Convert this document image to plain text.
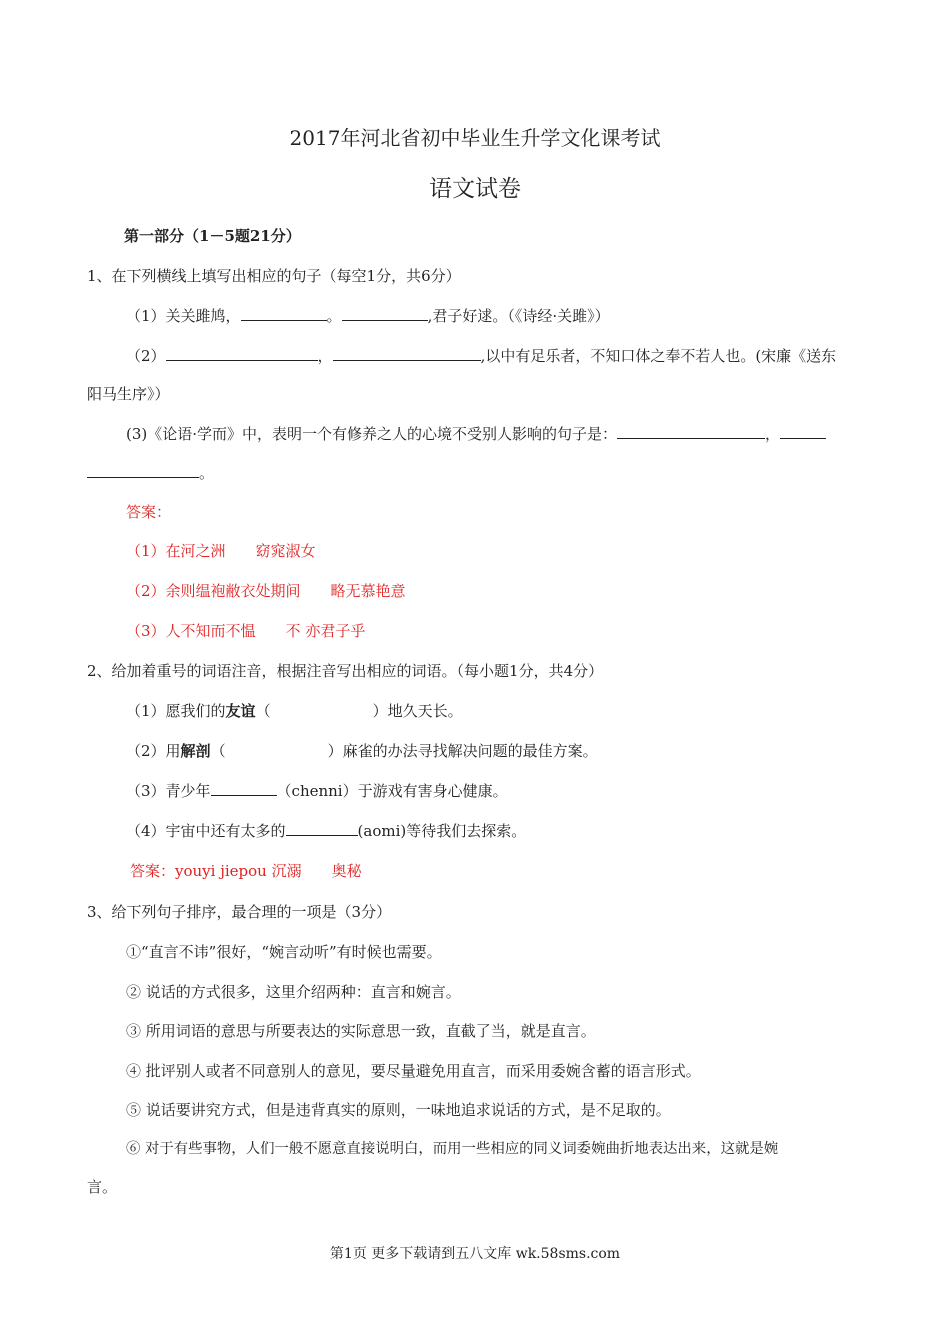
2017年河北省初中毕业生升学文化课考试
语文试卷
第一部分（1－5题21分）
1、在下列横线上填写出相应的句子（每空1分，共6分）
（1）关关雎鸠，	。	,君子好逑。（《诗经·关雎》）
（2）	，	,以中有足乐者，不知口体之奉不若人也。(宋廉《送东
阳马生序》）
(3)《论语·学而》中，表明一个有修养之人的心境不受别人影响的句子是：	，
。
答案：
（1）在河之洲　　窈窕淑女
（2）余则缊袍敝衣处期间　　略无慕艳意
（3）人不知而不愠　　不 亦君子乎
2、给加着重号的词语注音，根据注音写出相应的词语。（每小题1分，共4分）
（1）愿我们的友谊（	）地久天长。
（2）用解剖（	）麻雀的办法寻找解决问题的最佳方案。
（3）青少年	（chenni）于游戏有害身心健康。
（4）宇宙中还有太多的	(aomi)等待我们去探索。
答案：youyi jiepou 沉溺　　奥秘
3、给下列句子排序，最合理的一项是（3分）
①“直言不讳”很好，“婉言动听”有时候也需要。
② 说话的方式很多，这里介绍两种：直言和婉言。
③ 所用词语的意思与所要表达的实际意思一致，直截了当，就是直言。
④ 批评别人或者不同意别人的意见，要尽量避免用直言，而采用委婉含蓄的语言形式。
⑤ 说话要讲究方式，但是违背真实的原则，一味地追求说话的方式，是不足取的。
⑥ 对于有些事物，人们一般不愿意直接说明白，而用一些相应的同义词委婉曲折地表达出来，这就是婉
言。
第1页 更多下载请到五八文库 wk.58sms.com
